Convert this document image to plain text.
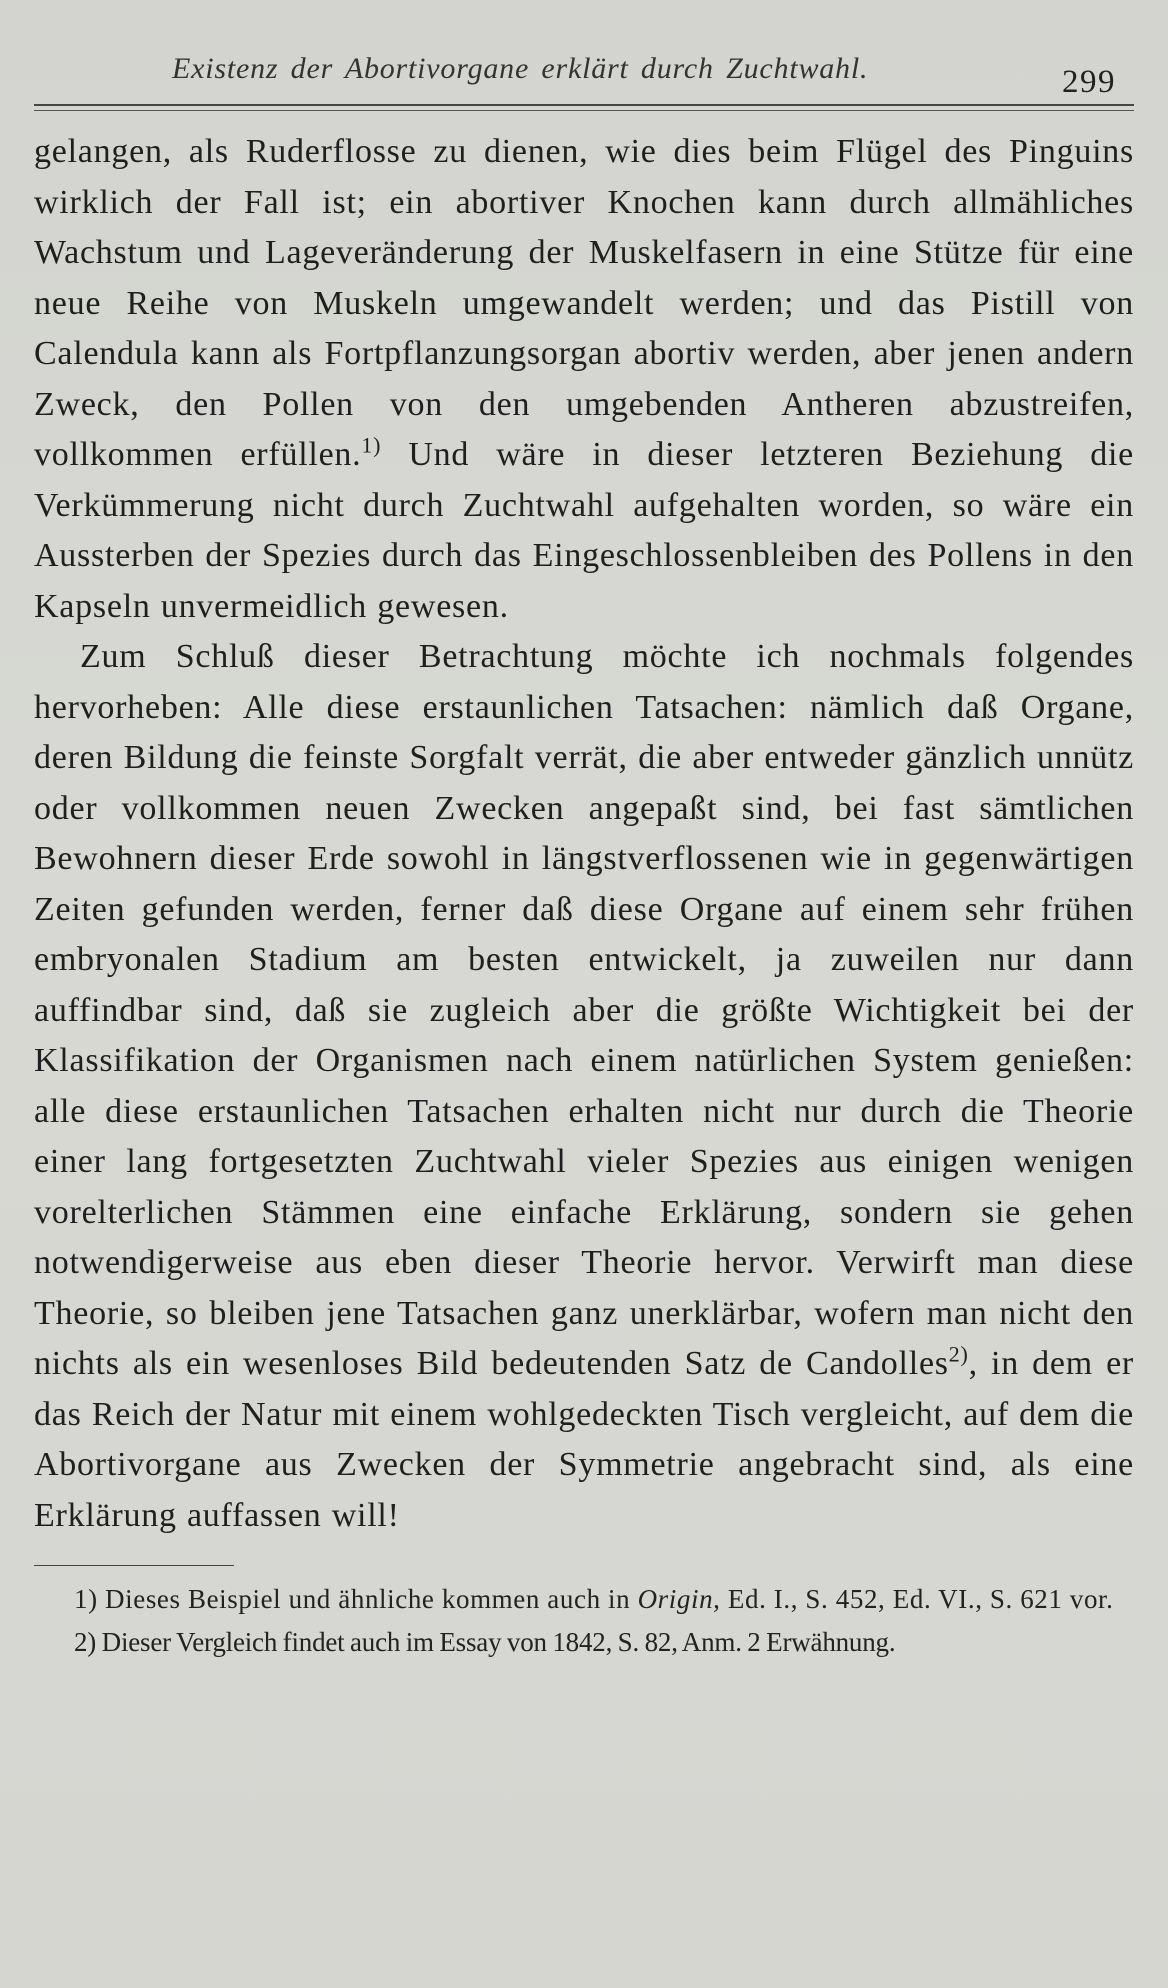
Existenz der Abortivorgane erklärt durch Zuchtwahl.	299

gelangen, als Ruderflosse zu dienen, wie dies beim Flügel des Pinguins wirklich der Fall ist; ein abortiver Knochen kann durch allmähliches Wachstum und Lageveränderung der Muskelfasern in eine Stütze für eine neue Reihe von Muskeln umgewandelt werden; und das Pistill von Calendula kann als Fortpflanzungsorgan abortiv werden, aber jenen andern Zweck, den Pollen von den umgebenden Antheren abzustreifen, vollkommen erfüllen.$^{1)}$ Und wäre in dieser letzteren Beziehung die Verkümmerung nicht durch Zuchtwahl aufgehalten worden, so wäre ein Aussterben der Spezies durch das Eingeschlossenbleiben des Pollens in den Kapseln unvermeidlich gewesen.

Zum Schluß dieser Betrachtung möchte ich nochmals folgendes hervorheben: Alle diese erstaunlichen Tatsachen: nämlich daß Organe, deren Bildung die feinste Sorgfalt verrät, die aber entweder gänzlich unnütz oder vollkommen neuen Zwecken angepaßt sind, bei fast sämtlichen Bewohnern dieser Erde sowohl in längstverflossenen wie in gegenwärtigen Zeiten gefunden werden, ferner daß diese Organe auf einem sehr frühen embryonalen Stadium am besten entwickelt, ja zuweilen nur dann auffindbar sind, daß sie zugleich aber die größte Wichtigkeit bei der Klassifikation der Organismen nach einem natürlichen System genießen: alle diese erstaunlichen Tatsachen erhalten nicht nur durch die Theorie einer lang fortgesetzten Zuchtwahl vieler Spezies aus einigen wenigen vorelterlichen Stämmen eine einfache Erklärung, sondern sie gehen notwendigerweise aus eben dieser Theorie hervor. Verwirft man diese Theorie, so bleiben jene Tatsachen ganz unerklärbar, wofern man nicht den nichts als ein wesenloses Bild bedeutenden Satz de Candolles$^{2)}$, in dem er das Reich der Natur mit einem wohlgedeckten Tisch vergleicht, auf dem die Abortivorgane aus Zwecken der Symmetrie angebracht sind, als eine Erklärung auffassen will!

1) Dieses Beispiel und ähnliche kommen auch in Origin, Ed. I., S. 452, Ed. VI., S. 621 vor.

2) Dieser Vergleich findet auch im Essay von 1842, S. 82, Anm. 2 Erwähnung.
